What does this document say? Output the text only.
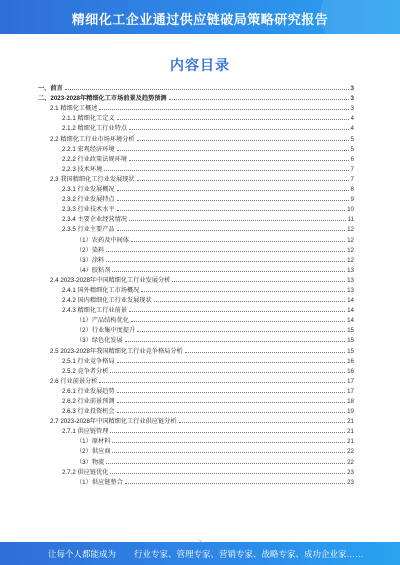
精细化工企业通过供应链破局策略研究报告
内容目录
一、前言	3
二、2023-2028年精细化工市场前景及趋势预测	3
2.1 精细化工概述	3
2.1.1 精细化工定义	4
2.1.2 精细化工行业特点	4
2.2 精细化工行业市场环境分析	5
2.2.1 宏观经济环境	5
2.2.2 行业政策法规环境	6
2.2.3 技术环境	7
2.3 我国精细化工行业发展现状	7
2.3.1 行业发展概况	8
2.3.2 行业发展特点	9
2.3.3 行业技术水平	10
2.3.4 主要企业经营情况	11
2.3.5 行业主要产品	12
（1）农药及中间体	12
（2）染料	12
（3）涂料	12
（4）胶粘剂	13
2.4 2023-2028年中国精细化工行业发展分析	13
2.4.1 国外精细化工市场概况	13
2.4.2 国内精细化工行业发展现状	14
2.4.3 精细化工行业前景	14
（1）产品结构优化	14
（2）行业集中度提升	15
（3）绿色化发展	15
2.5 2023-2028年我国精细化工行业竞争格局分析	15
2.5.1 行业竞争格局	16
2.5.2 竞争者分析	16
2.6 行业前景分析	17
2.6.1 行业发展趋势	17
2.6.2 行业前景预测	18
2.6.3 行业投资机会	19
2.7 2023-2028年中国精细化工行业供应链分析	21
2.7.1 供应链管理	21
（1）原材料	21
（2）供应商	22
（3）物流	22
2.7.2 供应链优化	23
（1）供应链整合	23
让每个人都能成为 行业专家、管理专家、营销专家、战略专家、成功企业家……
